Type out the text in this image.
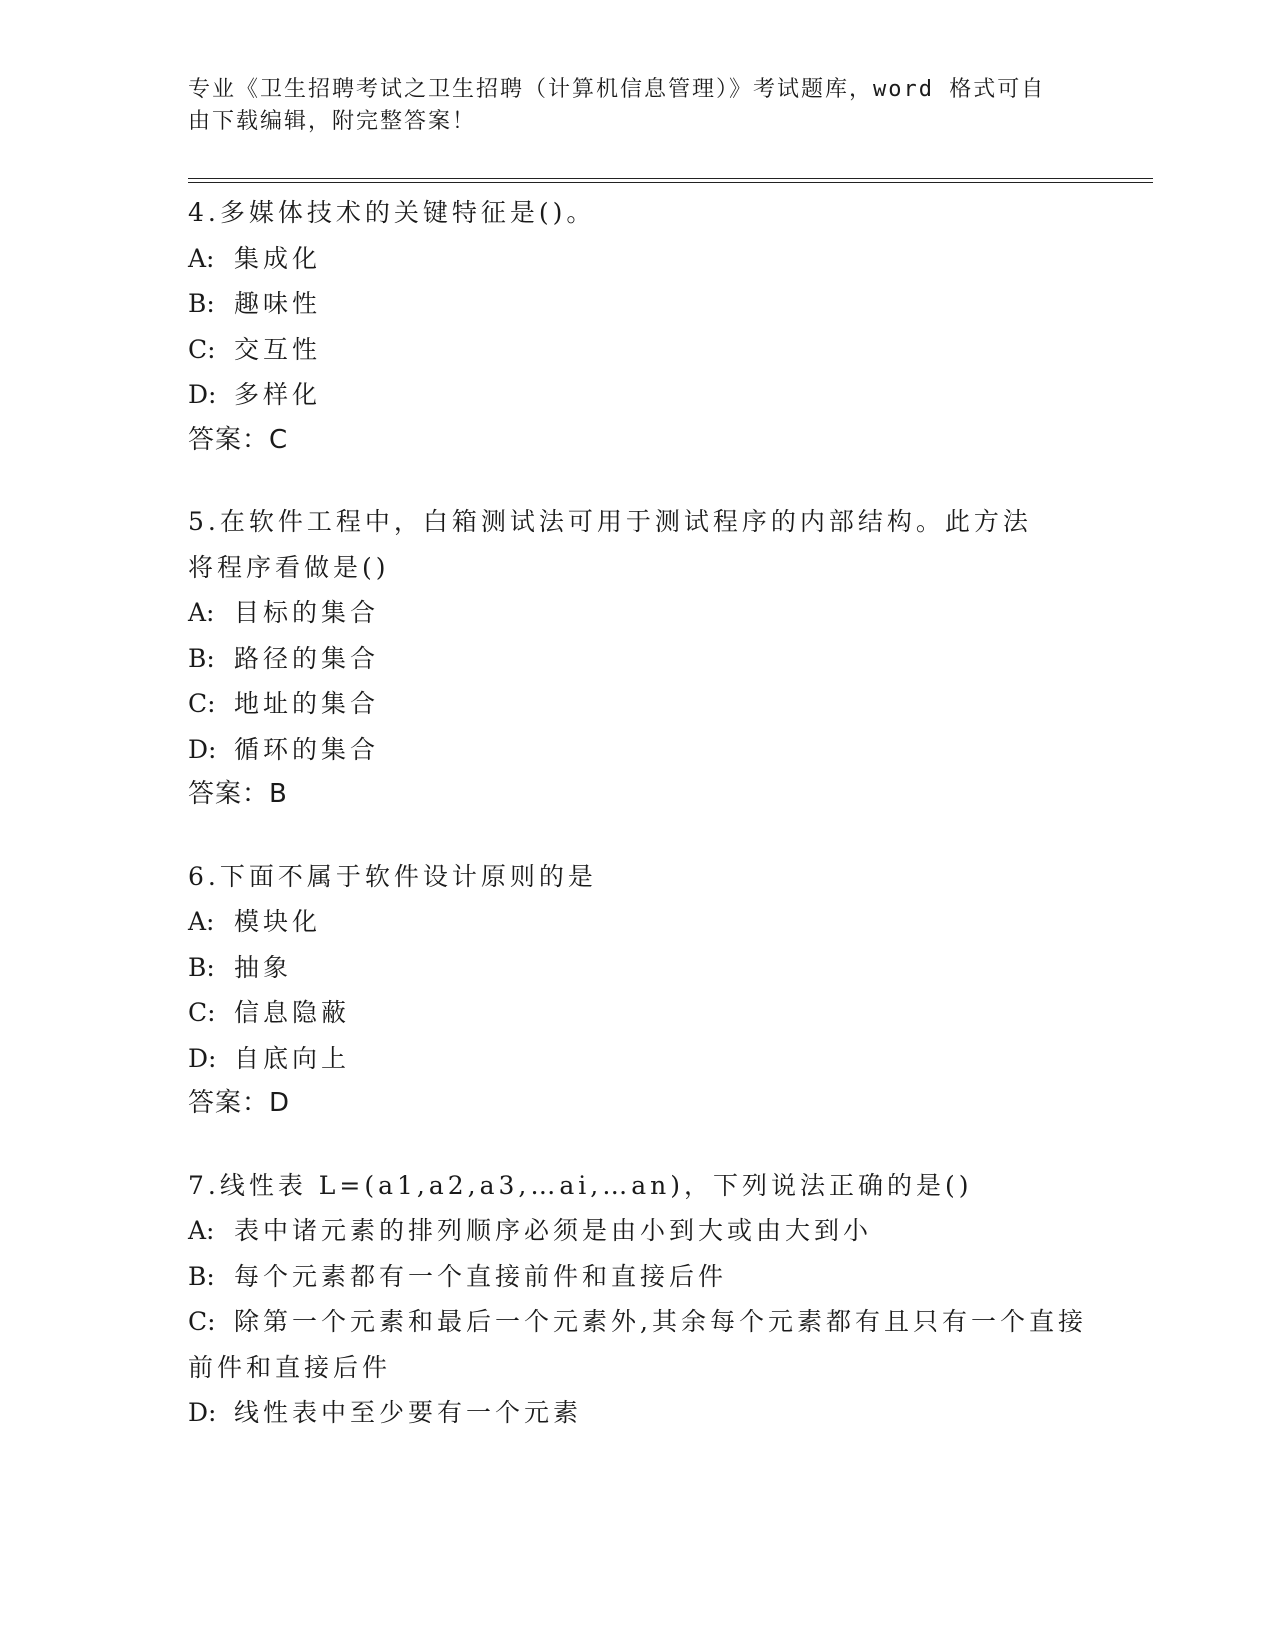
专业《卫生招聘考试之卫生招聘（计算机信息管理）》考试题库，word 格式可自
由下载编辑，附完整答案！
4.多媒体技术的关键特征是()。
A: 集成化
B: 趣味性
C: 交互性
D: 多样化
答案：C
5.在软件工程中，白箱测试法可用于测试程序的内部结构。此方法将程序看做是()
A: 目标的集合
B: 路径的集合
C: 地址的集合
D: 循环的集合
答案：B
6.下面不属于软件设计原则的是
A: 模块化
B: 抽象
C: 信息隐蔽
D: 自底向上
答案：D
7.线性表 L=(a1,a2,a3,…ai,…an)，下列说法正确的是()
A: 表中诸元素的排列顺序必须是由小到大或由大到小
B: 每个元素都有一个直接前件和直接后件
C: 除第一个元素和最后一个元素外,其余每个元素都有且只有一个直接前件和直接后件
D: 线性表中至少要有一个元素
